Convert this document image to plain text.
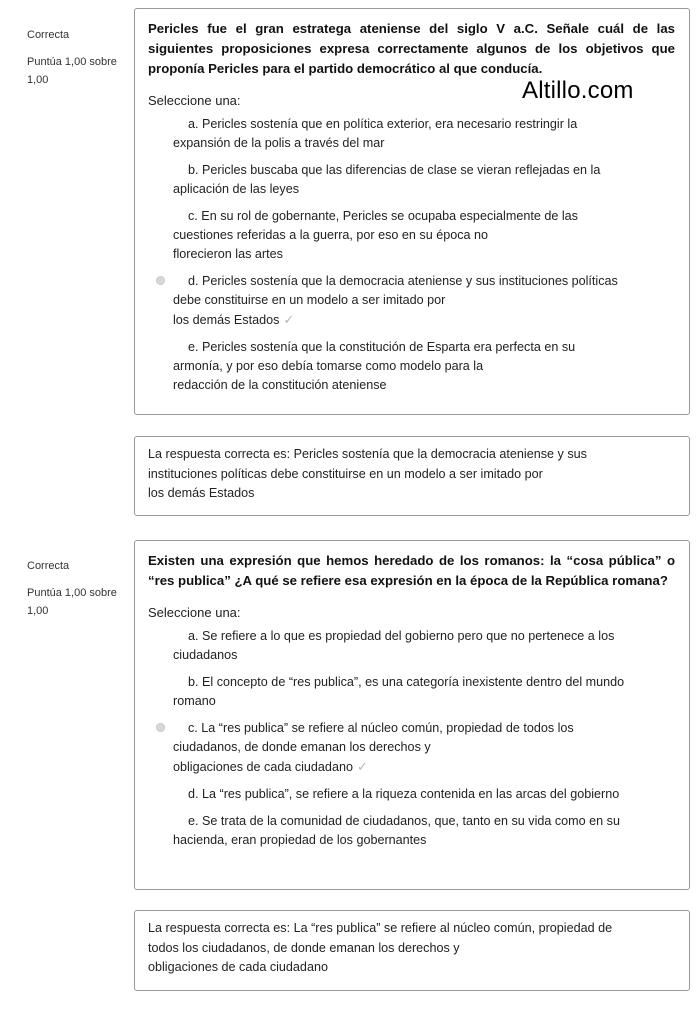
Correcta
Puntúa 1,00 sobre 1,00

Pericles fue el gran estratega ateniense del siglo V a.C. Señale cuál de las siguientes proposiciones expresa correctamente algunos de los objetivos que proponía Pericles para el partido democrático al que conducía.

Seleccione una:

a. Pericles sostenía que en política exterior, era necesario restringir la
expansión de la polis a través del mar
b. Pericles buscaba que las diferencias de clase se vieran reflejadas en la
aplicación de las leyes
c. En su rol de gobernante, Pericles se ocupaba especialmente de las
cuestiones referidas a la guerra, por eso en su época no
florecieron las artes
d. Pericles sostenía que la democracia ateniense y sus instituciones políticas
debe constituirse en un modelo a ser imitado por
los demás Estados ✓
e. Pericles sostenía que la constitución de Esparta era perfecta en su
armonía, y por eso debía tomarse como modelo para la
redacción de la constitución ateniense
Altillo.com
La respuesta correcta es: Pericles sostenía que la democracia ateniense y sus
instituciones políticas debe constituirse en un modelo a ser imitado por
los demás Estados
Correcta
Puntúa 1,00 sobre 1,00

Existen una expresión que hemos heredado de los romanos: la “cosa pública” o “res publica” ¿A qué se refiere esa expresión en la época de la República romana?

Seleccione una:

a. Se refiere a lo que es propiedad del gobierno pero que no pertenece a los
ciudadanos
b. El concepto de “res publica”, es una categoría inexistente dentro del mundo
romano
c. La “res publica” se refiere al núcleo común, propiedad de todos los
ciudadanos, de donde emanan los derechos y
obligaciones de cada ciudadano ✓
d. La “res publica”, se refiere a la riqueza contenida en las arcas del gobierno
e. Se trata de la comunidad de ciudadanos, que, tanto en su vida como en su
hacienda, eran propiedad de los gobernantes
La respuesta correcta es: La “res publica” se refiere al núcleo común, propiedad de
todos los ciudadanos, de donde emanan los derechos y
obligaciones de cada ciudadano
